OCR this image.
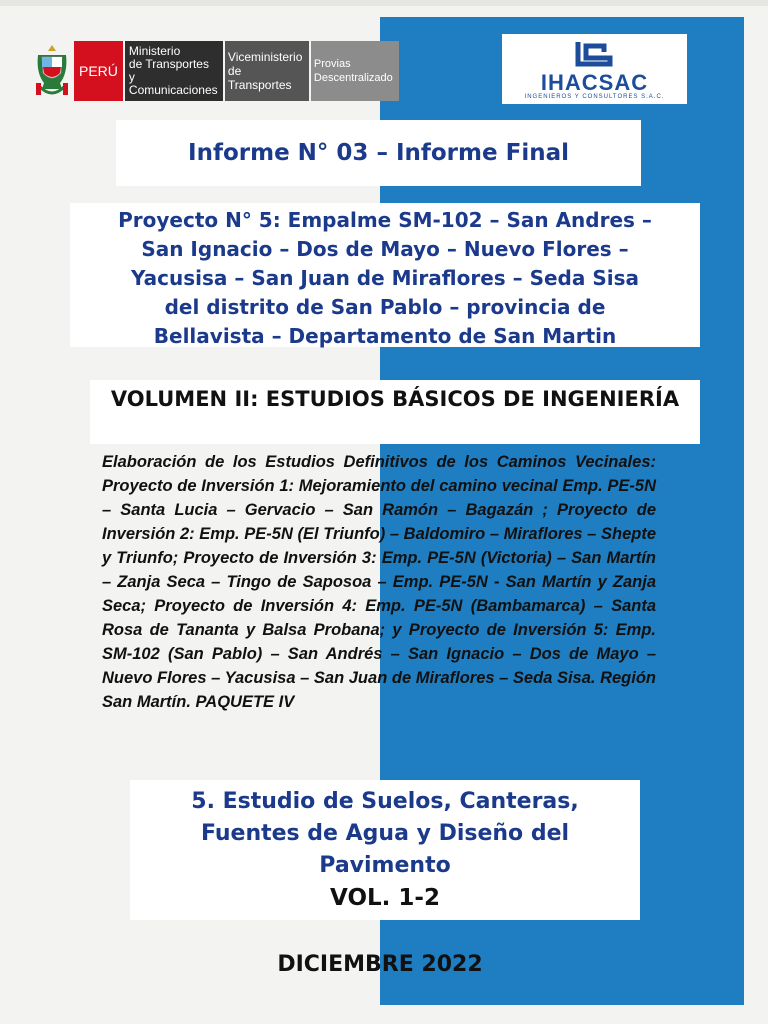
PERÚ
Ministerio
de Transportes
y Comunicaciones
Viceministerio
de Transportes
Provias
Descentralizado	IHACSAC
INGENIEROS Y CONSULTORES S.A.C.
Informe N° 03 – Informe Final
Proyecto N° 5: Empalme SM-102 – San Andres –
San Ignacio – Dos de Mayo – Nuevo Flores –
Yacusisa – San Juan de Miraflores – Seda Sisa
del distrito de San Pablo – provincia de
Bellavista – Departamento de San Martin
VOLUMEN II: ESTUDIOS BÁSICOS DE INGENIERÍA

Elaboración de los Estudios Definitivos de los Caminos Vecinales: Proyecto de Inversión 1: Mejoramiento del camino vecinal Emp. PE-5N – Santa Lucia – Gervacio – San Ramón – Bagazán ; Proyecto de Inversión 2: Emp. PE-5N (El Triunfo) – Baldomiro – Miraflores – Shepte y Triunfo; Proyecto de Inversión 3: Emp. PE-5N (Victoria) – San Martín – Zanja Seca – Tingo de Saposoa – Emp. PE-5N - San Martín y Zanja Seca; Proyecto de Inversión 4: Emp. PE-5N (Bambamarca) – Santa Rosa de Tananta y Balsa Probana; y Proyecto de Inversión 5: Emp. SM-102 (San Pablo) – San Andrés – San Ignacio – Dos de Mayo – Nuevo Flores – Yacusisa – San Juan de Miraflores – Seda Sisa. Región San Martín. PAQUETE IV

5. Estudio de Suelos, Canteras,
Fuentes de Agua y Diseño del
Pavimento
VOL. 1-2
DICIEMBRE 2022
